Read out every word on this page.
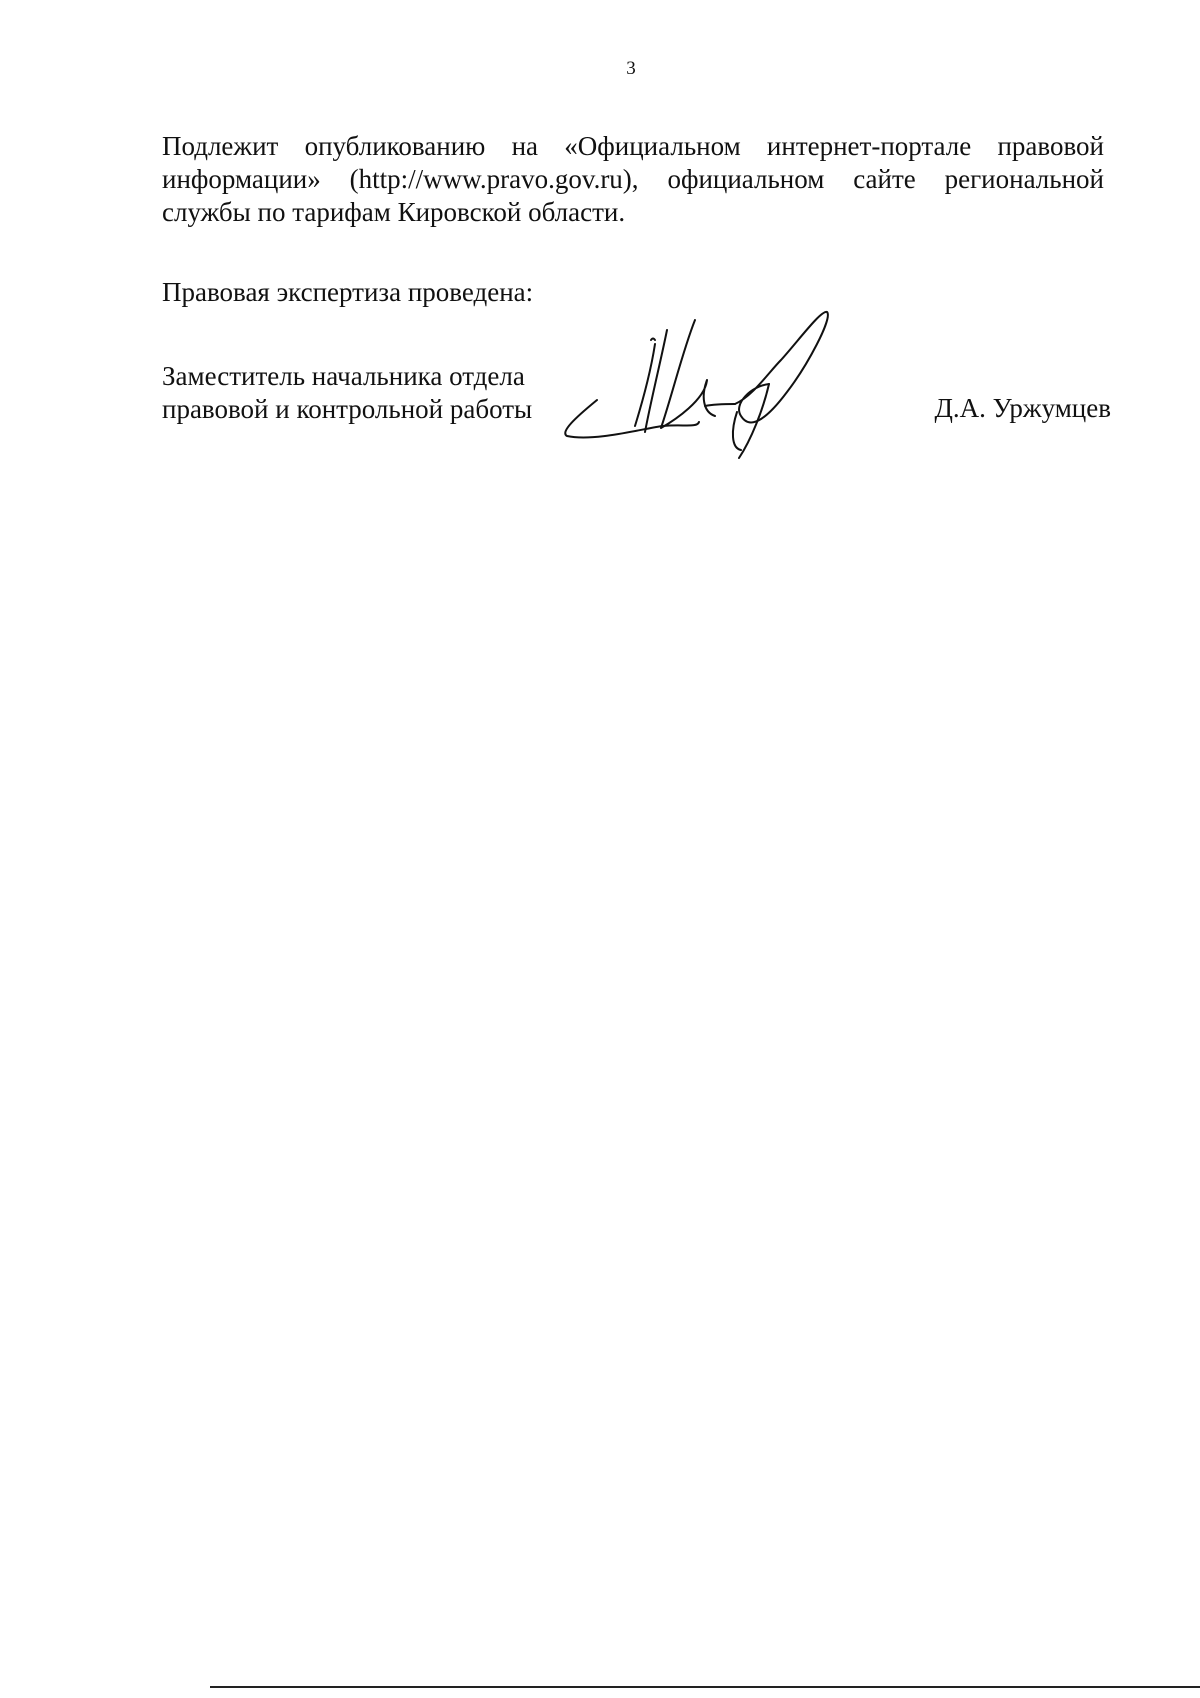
3

Подлежит опубликованию на «Официальном интернет-портале правовой информации» (http://www.pravo.gov.ru), официальном сайте региональной службы по тарифам Кировской области.

Правовая экспертиза проведена:
Заместитель начальника отдела
правовой и контрольной работы	Д.А. Уржумцев
